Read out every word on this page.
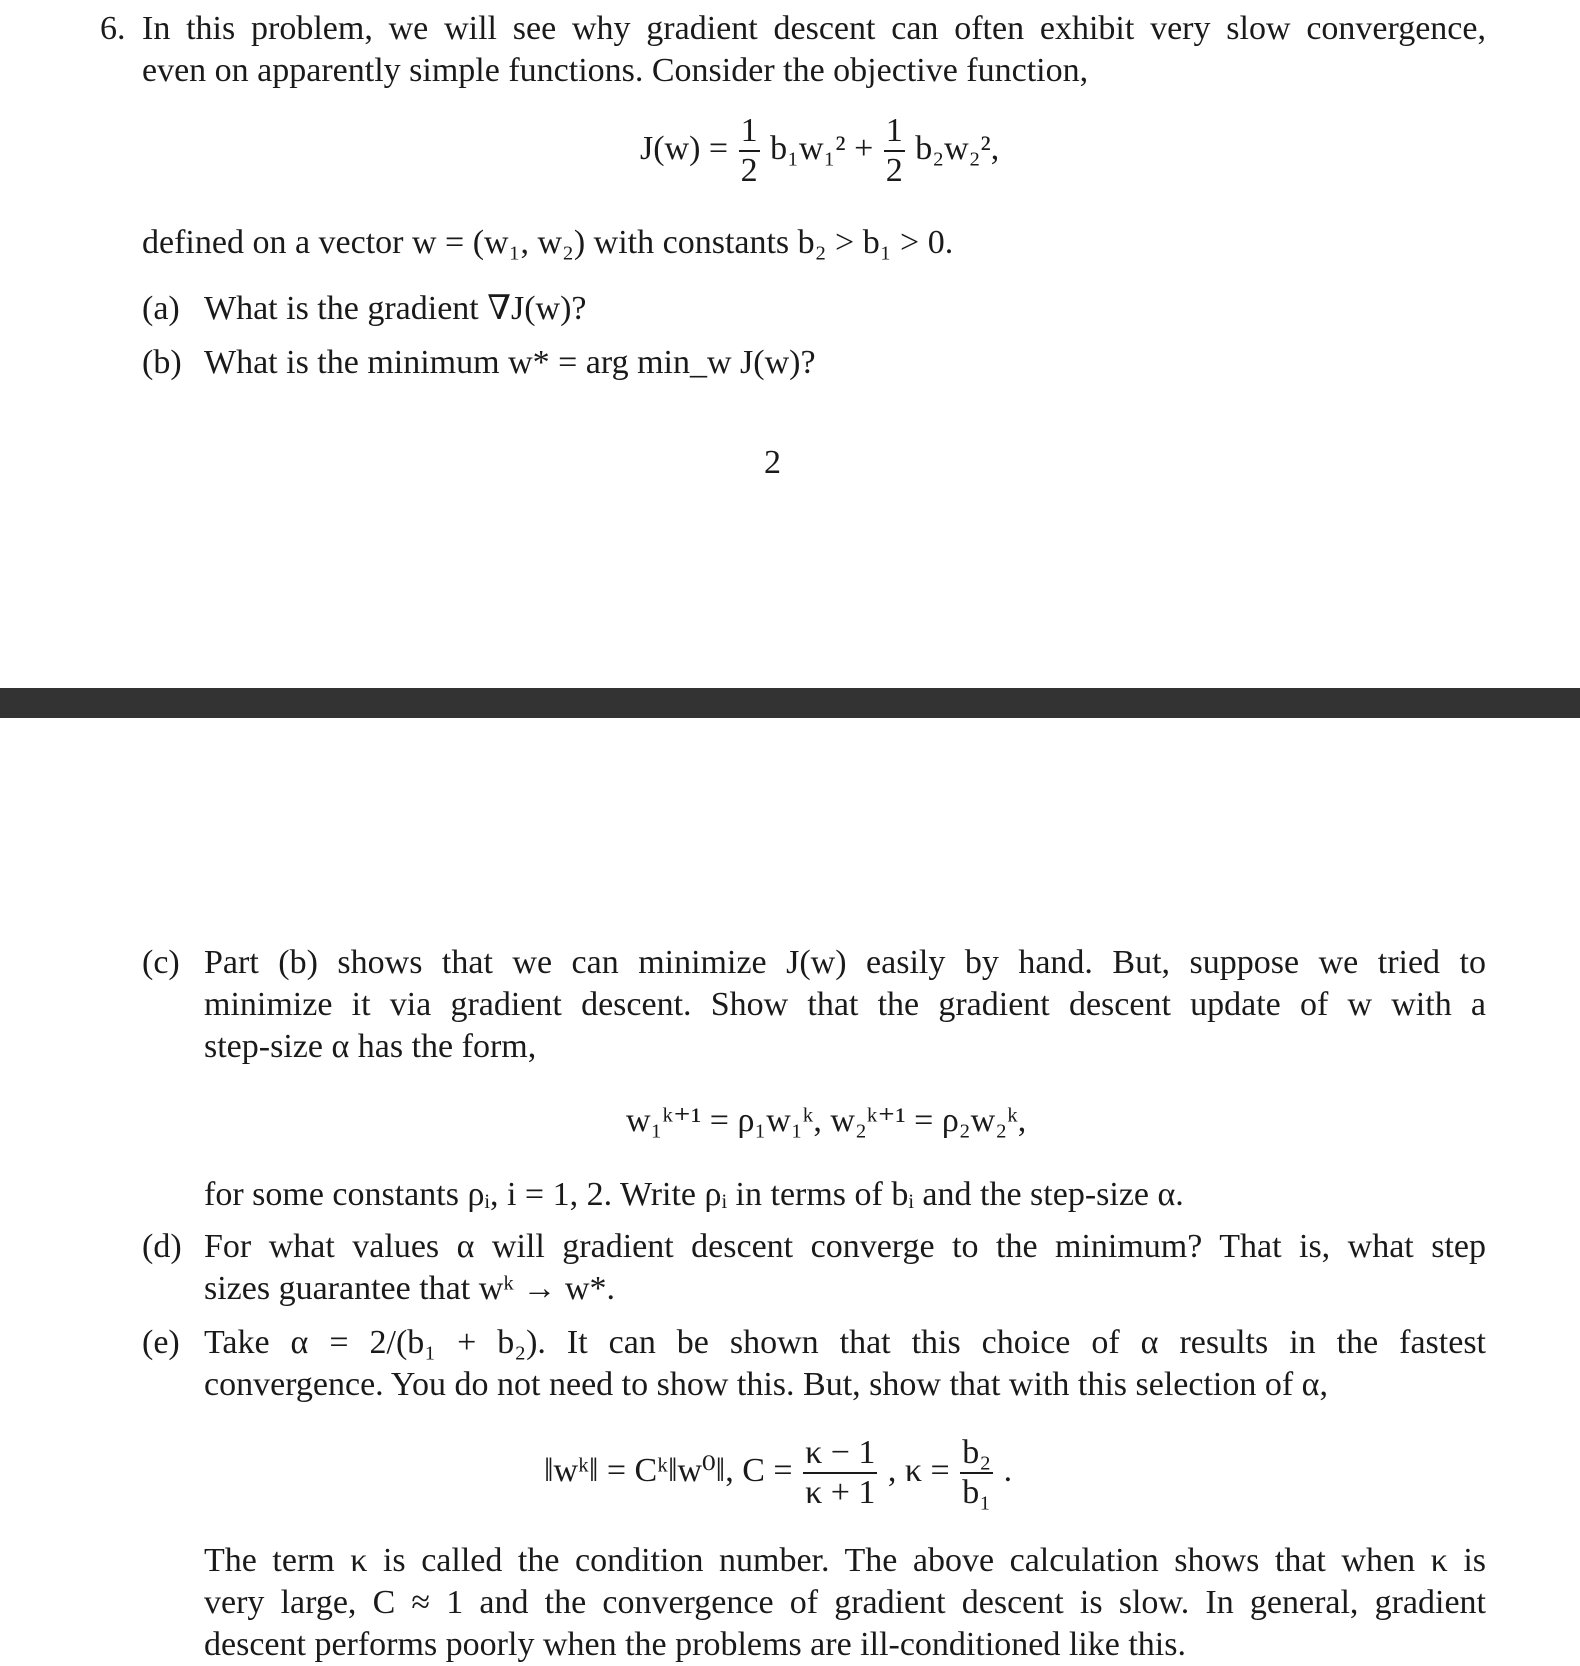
6. In this problem, we will see why gradient descent can often exhibit very slow convergence,
even on apparently simple functions. Consider the objective function,
$J(w) = \frac{1}{2} b_1w_1^2 + \frac{1}{2} b_2w_2^2$,
defined on a vector w = (w₁, w₂) with constants b₂ > b₁ > 0.
(a) What is the gradient ∇J(w)?
(b) What is the minimum w* = arg min_w J(w)?
2
(c) Part (b) shows that we can minimize J(w) easily by hand. But, suppose we tried to
minimize it via gradient descent. Show that the gradient descent update of w with a
step-size α has the form,
w₁ᵏ⁺¹ = ρ₁w₁ᵏ, w₂ᵏ⁺¹ = ρ₂w₂ᵏ,
for some constants ρᵢ, i = 1, 2. Write ρᵢ in terms of bᵢ and the step-size α.
(d) For what values α will gradient descent converge to the minimum? That is, what step
sizes guarantee that wᵏ → w*.
(e) Take α = 2/(b₁ + b₂). It can be shown that this choice of α results in the fastest
convergence. You do not need to show this. But, show that with this selection of α,
‖wᵏ‖ = Cᵏ‖w⁰‖, $C = \frac{\kappa - 1}{\kappa + 1}$ , $\kappa = \frac{\text{b₂}}{\text{b₁}}$ .
The term κ is called the condition number. The above calculation shows that when κ is
very large, C ≈ 1 and the convergence of gradient descent is slow. In general, gradient
descent performs poorly when the problems are ill-conditioned like this.
